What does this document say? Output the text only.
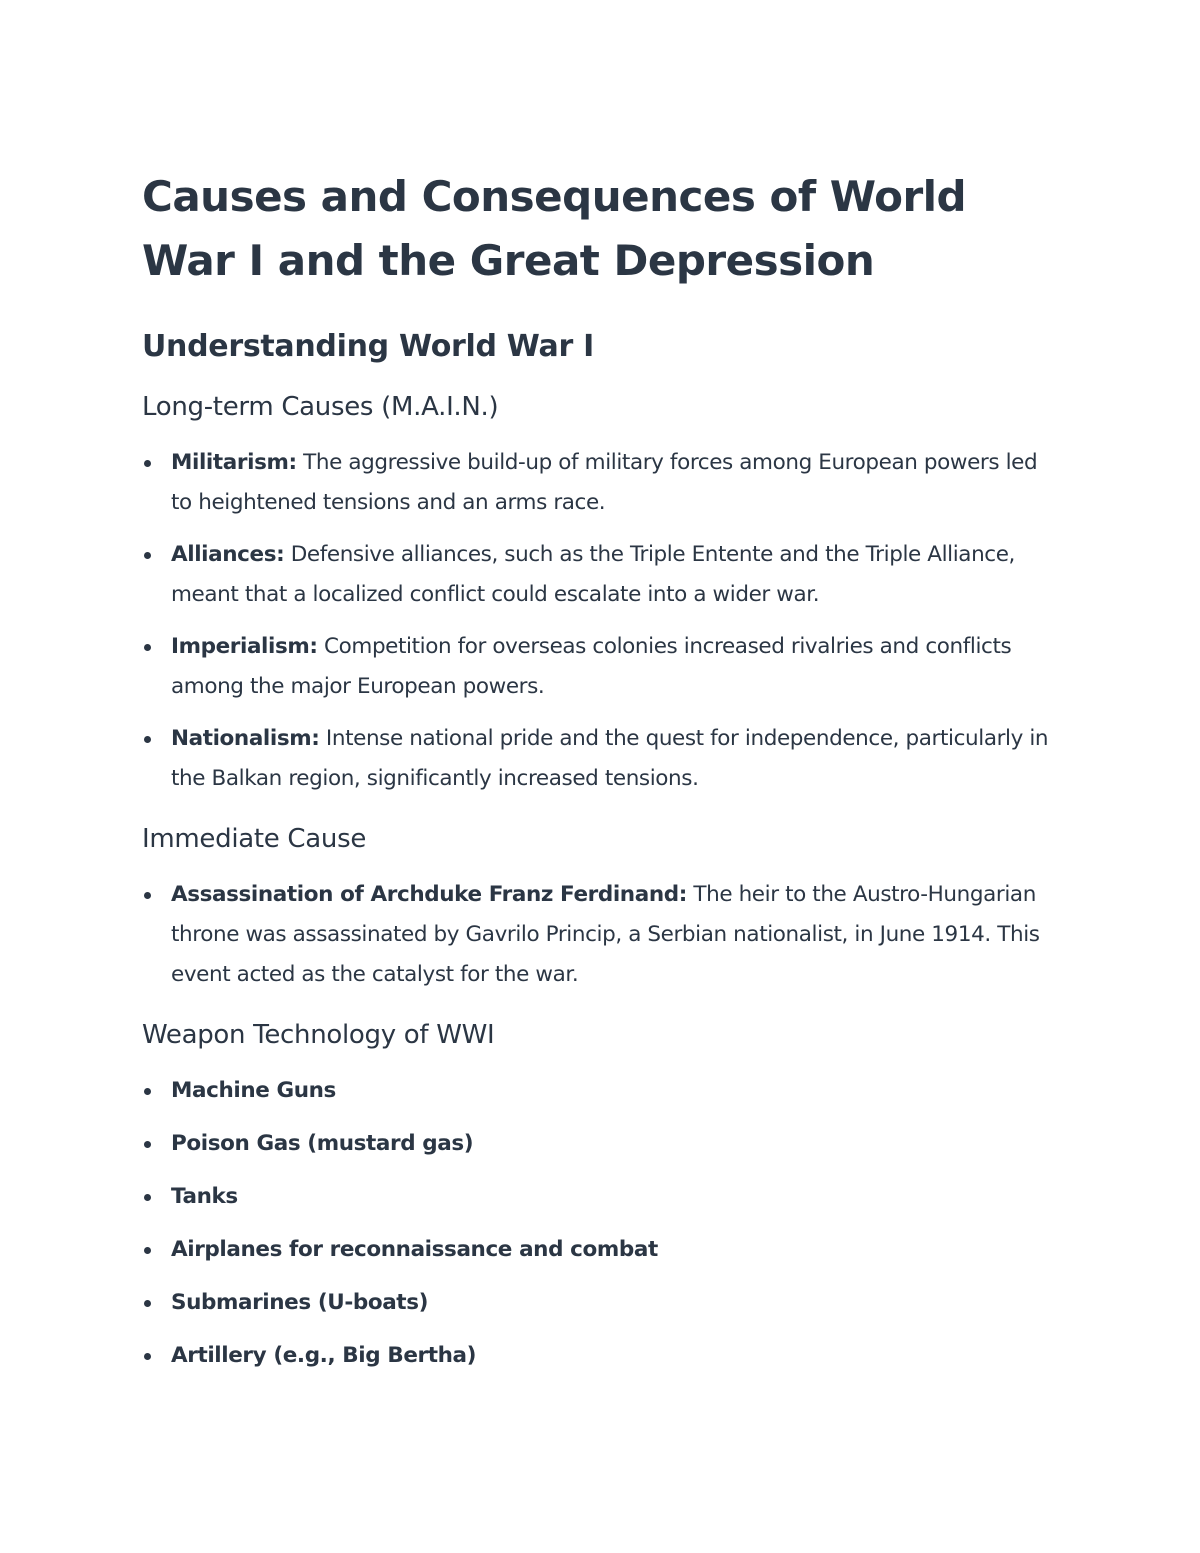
Causes and Consequences of World War I and the Great Depression
Understanding World War I
Long-term Causes (M.A.I.N.)
Militarism: The aggressive build-up of military forces among European powers led to heightened tensions and an arms race.
Alliances: Defensive alliances, such as the Triple Entente and the Triple Alliance, meant that a localized conflict could escalate into a wider war.
Imperialism: Competition for overseas colonies increased rivalries and conflicts among the major European powers.
Nationalism: Intense national pride and the quest for independence, particularly in the Balkan region, significantly increased tensions.
Immediate Cause
Assassination of Archduke Franz Ferdinand: The heir to the Austro-Hungarian throne was assassinated by Gavrilo Princip, a Serbian nationalist, in June 1914. This event acted as the catalyst for the war.
Weapon Technology of WWI
Machine Guns
Poison Gas (mustard gas)
Tanks
Airplanes for reconnaissance and combat
Submarines (U-boats)
Artillery (e.g., Big Bertha)
